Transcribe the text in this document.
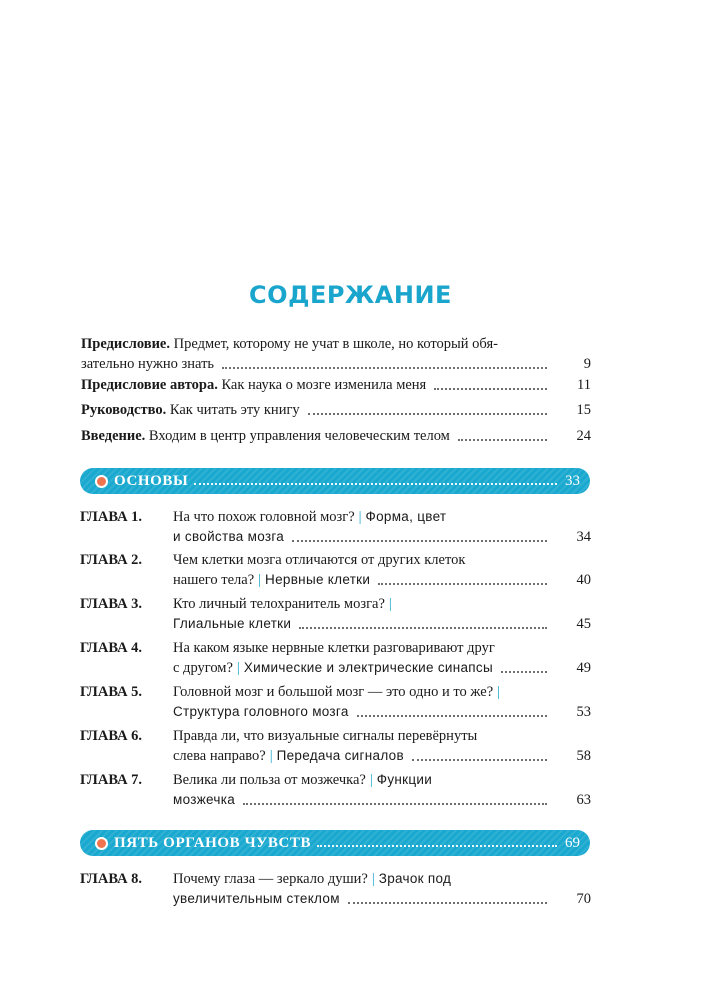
СОДЕРЖАНИЕ
Предисловие. Предмет, которому не учат в школе, но который обя-
зательно нужно знать	9
Предисловие автора. Как наука о мозге изменила меня	11
Руководство. Как читать эту книгу	15
Введение. Входим в центр управления человеческим телом	24
ОСНОВЫ	33
ГЛАВА 1. На что похож головной мозг? | Форма, цвет
и свойства мозга	34
ГЛАВА 2. Чем клетки мозга отличаются от других клеток
нашего тела? | Нервные клетки	40
ГЛАВА 3. Кто личный телохранитель мозга? |
Глиальные клетки	45
ГЛАВА 4. На каком языке нервные клетки разговаривают друг
с другом? | Химические и электрические синапсы	49
ГЛАВА 5. Головной мозг и большой мозг — это одно и то же? |
Структура головного мозга	53
ГЛАВА 6. Правда ли, что визуальные сигналы перевёрнуты
слева направо? | Передача сигналов	58
ГЛАВА 7. Велика ли польза от мозжечка? | Функции
мозжечка	63
ПЯТЬ ОРГАНОВ ЧУВСТВ	69
ГЛАВА 8. Почему глаза — зеркало души? | Зрачок под
увеличительным стеклом	70
